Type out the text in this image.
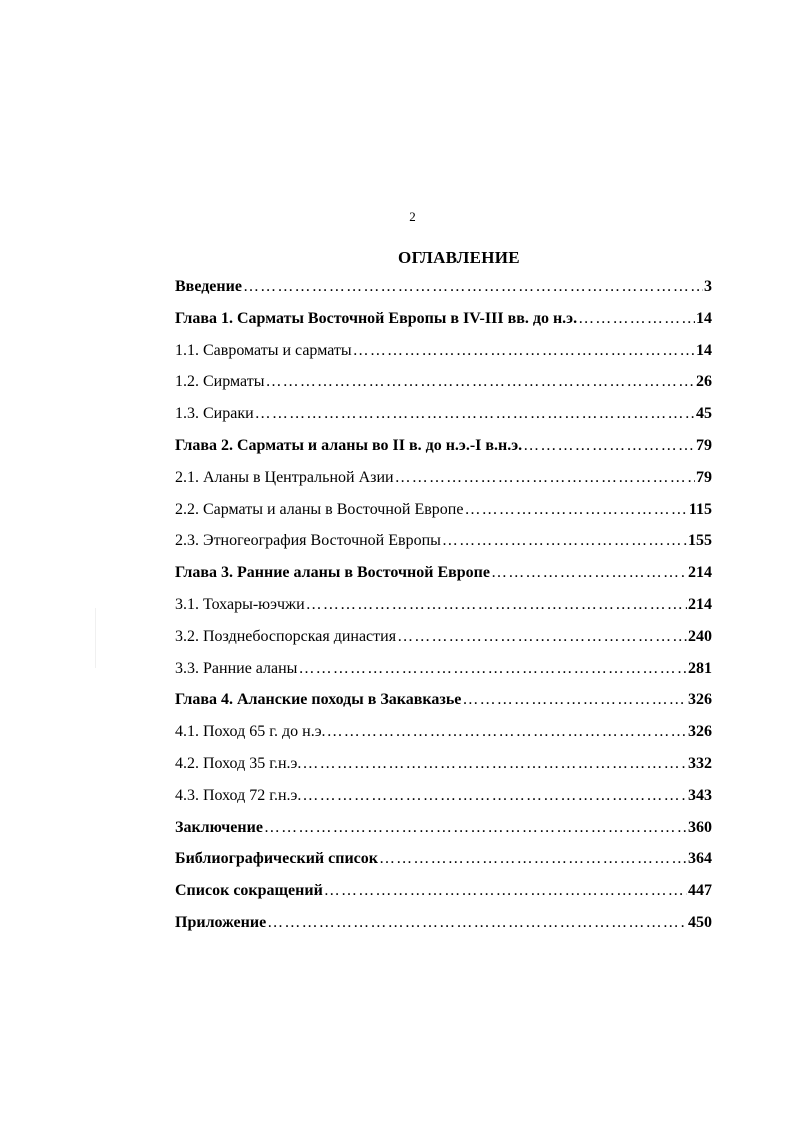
2
ОГЛАВЛЕНИЕ
Введение ………………………………………………………………………………………………………………………………………	3
Глава 1. Сарматы Восточной Европы в IV-III вв. до н.э. ………………………………………………………………………………………………………………………………………	14
1.1. Савроматы и сарматы ………………………………………………………………………………………………………………………………………	14
1.2. Сирматы ………………………………………………………………………………………………………………………………………	26
1.3. Сираки ………………………………………………………………………………………………………………………………………	45
Глава 2. Сарматы и аланы во II в. до н.э.-I в.н.э. ………………………………………………………………………………………………………………………………………	79
2.1. Аланы в Центральной Азии ………………………………………………………………………………………………………………………………………	79
2.2. Сарматы и аланы в Восточной Европе ………………………………………………………………………………………………………………………………………	115
2.3. Этногеография Восточной Европы ………………………………………………………………………………………………………………………………………	155
Глава 3. Ранние аланы в Восточной Европе ………………………………………………………………………………………………………………………………………	214
3.1. Тохары-юэчжи ………………………………………………………………………………………………………………………………………	214
3.2. Позднебоспорская династия ………………………………………………………………………………………………………………………………………	240
3.3. Ранние аланы ………………………………………………………………………………………………………………………………………	281
Глава 4. Аланские походы в Закавказье ………………………………………………………………………………………………………………………………………	326
4.1. Поход 65 г. до н.э. ………………………………………………………………………………………………………………………………………	326
4.2. Поход 35 г.н.э. ………………………………………………………………………………………………………………………………………	332
4.3. Поход 72 г.н.э. ………………………………………………………………………………………………………………………………………	343
Заключение ………………………………………………………………………………………………………………………………………	360
Библиографический список ………………………………………………………………………………………………………………………………………	364
Список сокращений ………………………………………………………………………………………………………………………………………	447
Приложение ………………………………………………………………………………………………………………………………………	450
